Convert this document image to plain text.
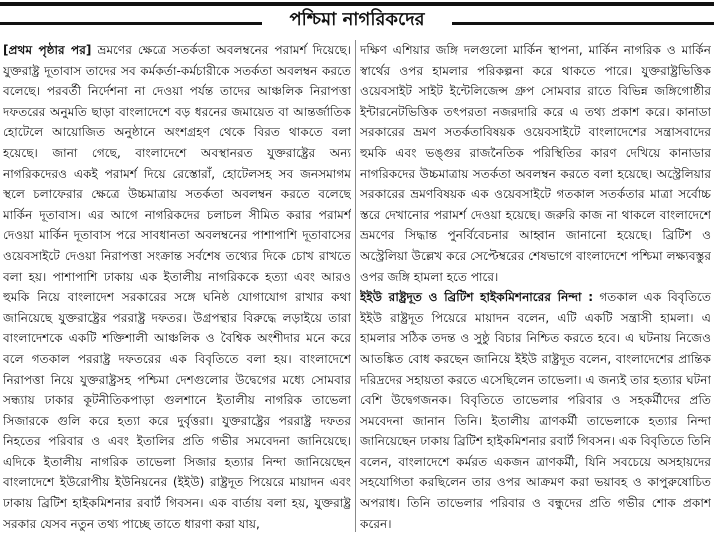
পশ্চিমা নাগরিকদের

[প্রথম পৃষ্ঠার পর] ভ্রমণের ক্ষেত্রে সতর্কতা অবলম্বনের পরামর্শ দিয়েছে। যুক্তরাষ্ট্র দূতাবাস তাদের সব কর্মকর্তা-কর্মচারীকে সতর্কতা অবলম্বন করতে বলেছে। পরবর্তী নির্দেশনা না দেওয়া পর্যন্ত তাদের আঞ্চলিক নিরাপত্তা দফতরের অনুমতি ছাড়া বাংলাদেশে বড় ধরনের জমায়েত বা আন্তর্জাতিক হোটেলে আয়োজিত অনুষ্ঠানে অংশগ্রহণ থেকে বিরত থাকতে বলা হয়েছে। জানা গেছে, বাংলাদেশে অবস্থানরত যুক্তরাষ্ট্রের অন্য নাগরিকদেরও একই পরামর্শ দিয়ে রেস্তোরাঁ, হোটেলসহ সব জনসমাগম স্থলে চলাফেরার ক্ষেত্রে উচ্চমাত্রায় সতর্কতা অবলম্বন করতে বলেছে মার্কিন দূতাবাস। এর আগে নাগরিকদের চলাচল সীমিত করার পরামর্শ দেওয়া মার্কিন দূতাবাস পরে সাবধানতা অবলম্বনের পাশাপাশি দূতাবাসের ওয়েবসাইটে দেওয়া নিরাপত্তা সংক্রান্ত সর্বশেষ তথ্যের দিকে চোখ রাখতে বলা হয়। পাশাপাশি ঢাকায় এক ইতালীয় নাগরিককে হত্যা এবং আরও হুমকি নিয়ে বাংলাদেশ সরকারের সঙ্গে ঘনিষ্ঠ যোগাযোগ রাখার কথা জানিয়েছে যুক্তরাষ্ট্রের পররাষ্ট্র দফতর। উগ্রপন্থার বিরুদ্ধে লড়াইয়ে তারা বাংলাদেশকে একটি শক্তিশালী আঞ্চলিক ও বৈশ্বিক অংশীদার মনে করে বলে গতকাল পররাষ্ট্র দফতরের এক বিবৃতিতে বলা হয়। বাংলাদেশে নিরাপত্তা নিয়ে যুক্তরাষ্ট্রসহ পশ্চিমা দেশগুলোর উদ্বেগের মধ্যে সোমবার সন্ধ্যায় ঢাকার কূটনীতিকপাড়া গুলশানে ইতালীয় নাগরিক তাভেলা সিজারকে গুলি করে হত্যা করে দুর্বৃত্তরা। যুক্তরাষ্ট্রের পররাষ্ট্র দফতর নিহতের পরিবার ও এবং ইতালির প্রতি গভীর সমবেদনা জানিয়েছে। এদিকে ইতালীয় নাগরিক তাভেলা সিজার হত্যার নিন্দা জানিয়েছেন বাংলাদেশে ইউরোপীয় ইউনিয়নের (ইইউ) রাষ্ট্রদূত পিয়েরে মায়াদন এবং ঢাকায় ব্রিটিশ হাইকমিশনার রবার্ট গিবসন। এক বার্তায় বলা হয়, যুক্তরাষ্ট্র সরকার যেসব নতুন তথ্য পাচ্ছে তাতে ধারণা করা যায়,

দক্ষিণ এশিয়ার জঙ্গি দলগুলো মার্কিন স্থাপনা, মার্কিন নাগরিক ও মার্কিন স্বার্থের ওপর হামলার পরিকল্পনা করে থাকতে পারে। যুক্তরাষ্ট্রভিত্তিক ওয়েবসাইট সাইট ইন্টেলিজেন্স গ্রুপ সোমবার রাতে বিভিন্ন জঙ্গিগোষ্ঠীর ইন্টারনেটভিত্তিক তৎপরতা নজরদারি করে এ তথ্য প্রকাশ করে। কানাডা সরকারের ভ্রমণ সতর্কতাবিষয়ক ওয়েবসাইটে বাংলাদেশের সন্ত্রাসবাদের হুমকি এবং ভঙ্গুর রাজনৈতিক পরিস্থিতির কারণ দেখিয়ে কানাডার নাগরিকদের উচ্চমাত্রায় সতর্কতা অবলম্বন করতে বলা হয়েছে। অস্ট্রেলিয়ার সরকারের ভ্রমণবিষয়ক এক ওয়েবসাইটে গতকাল সতর্কতার মাত্রা সর্বোচ্চ স্তরে দেখানোর পরামর্শ দেওয়া হয়েছে। জরুরি কাজ না থাকলে বাংলাদেশে ভ্রমণের সিদ্ধান্ত পুনর্বিবেচনার আহ্বান জানানো হয়েছে। ব্রিটিশ ও অস্ট্রেলিয়া উল্লেখ করে সেপ্টেম্বরের শেষভাগে বাংলাদেশে পশ্চিমা লক্ষ্যবস্তুর ওপর জঙ্গি হামলা হতে পারে।

ইইউ রাষ্ট্রদূত ও ব্রিটিশ হাইকমিশনারের নিন্দা : গতকাল এক বিবৃতিতে ইইউ রাষ্ট্রদূত পিয়েরে মায়াদন বলেন, এটি একটি সন্ত্রাসী হামলা। এ হামলার সঠিক তদন্ত ও সুষ্ঠু বিচার নিশ্চিত করতে হবে। এ ঘটনায় নিজেও আতঙ্কিত বোধ করছেন জানিয়ে ইইউ রাষ্ট্রদূত বলেন, বাংলাদেশের প্রান্তিক দরিদ্রদের সহায়তা করতে এসেছিলেন তাভেলা। এ জন্যই তার হত্যার ঘটনা বেশি উদ্বেগজনক। বিবৃতিতে তাভেলার পরিবার ও সহকর্মীদের প্রতি সমবেদনা জানান তিনি। ইতালীয় ত্রাণকর্মী তাভেলাকে হত্যার নিন্দা জানিয়েছেন ঢাকায় ব্রিটিশ হাইকমিশনার রবার্ট গিবসন। এক বিবৃতিতে তিনি বলেন, বাংলাদেশে কর্মরত একজন ত্রাণকর্মী, যিনি সবচেয়ে অসহায়দের সহযোগিতা করছিলেন তার ওপর আক্রমণ করা ভয়াবহ ও কাপুরুষোচিত অপরাধ। তিনি তাভেলার পরিবার ও বন্ধুদের প্রতি গভীর শোক প্রকাশ করেন।
